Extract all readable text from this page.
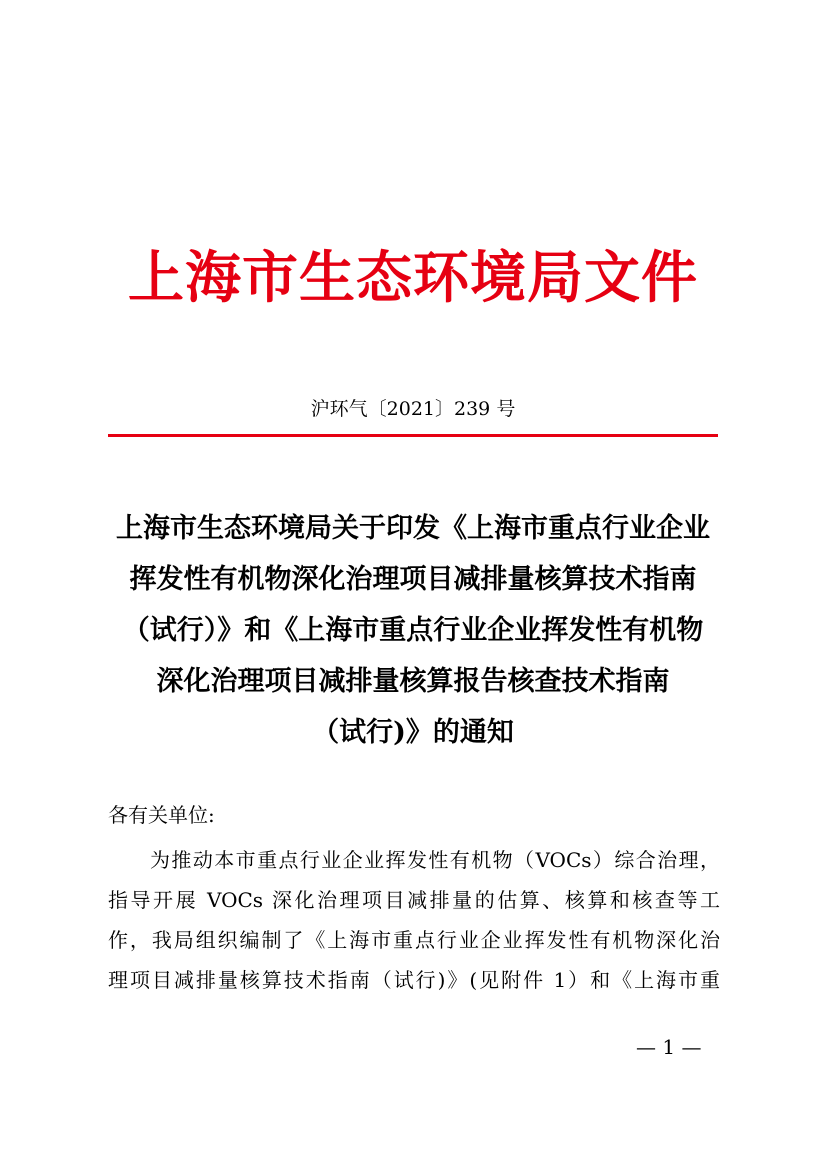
上海市生态环境局文件
沪环气〔2021〕239 号
上海市生态环境局关于印发《上海市重点行业企业
挥发性有机物深化治理项目减排量核算技术指南
（试行）》和《上海市重点行业企业挥发性有机物
深化治理项目减排量核算报告核查技术指南
（试行)》的通知
各有关单位:
为推动本市重点行业企业挥发性有机物（VOCs）综合治理，
指导开展 VOCs 深化治理项目减排量的估算、核算和核查等工
作，我局组织编制了《上海市重点行业企业挥发性有机物深化治
理项目减排量核算技术指南（试行)》(见附件 1）和《上海市重
— 1 —
